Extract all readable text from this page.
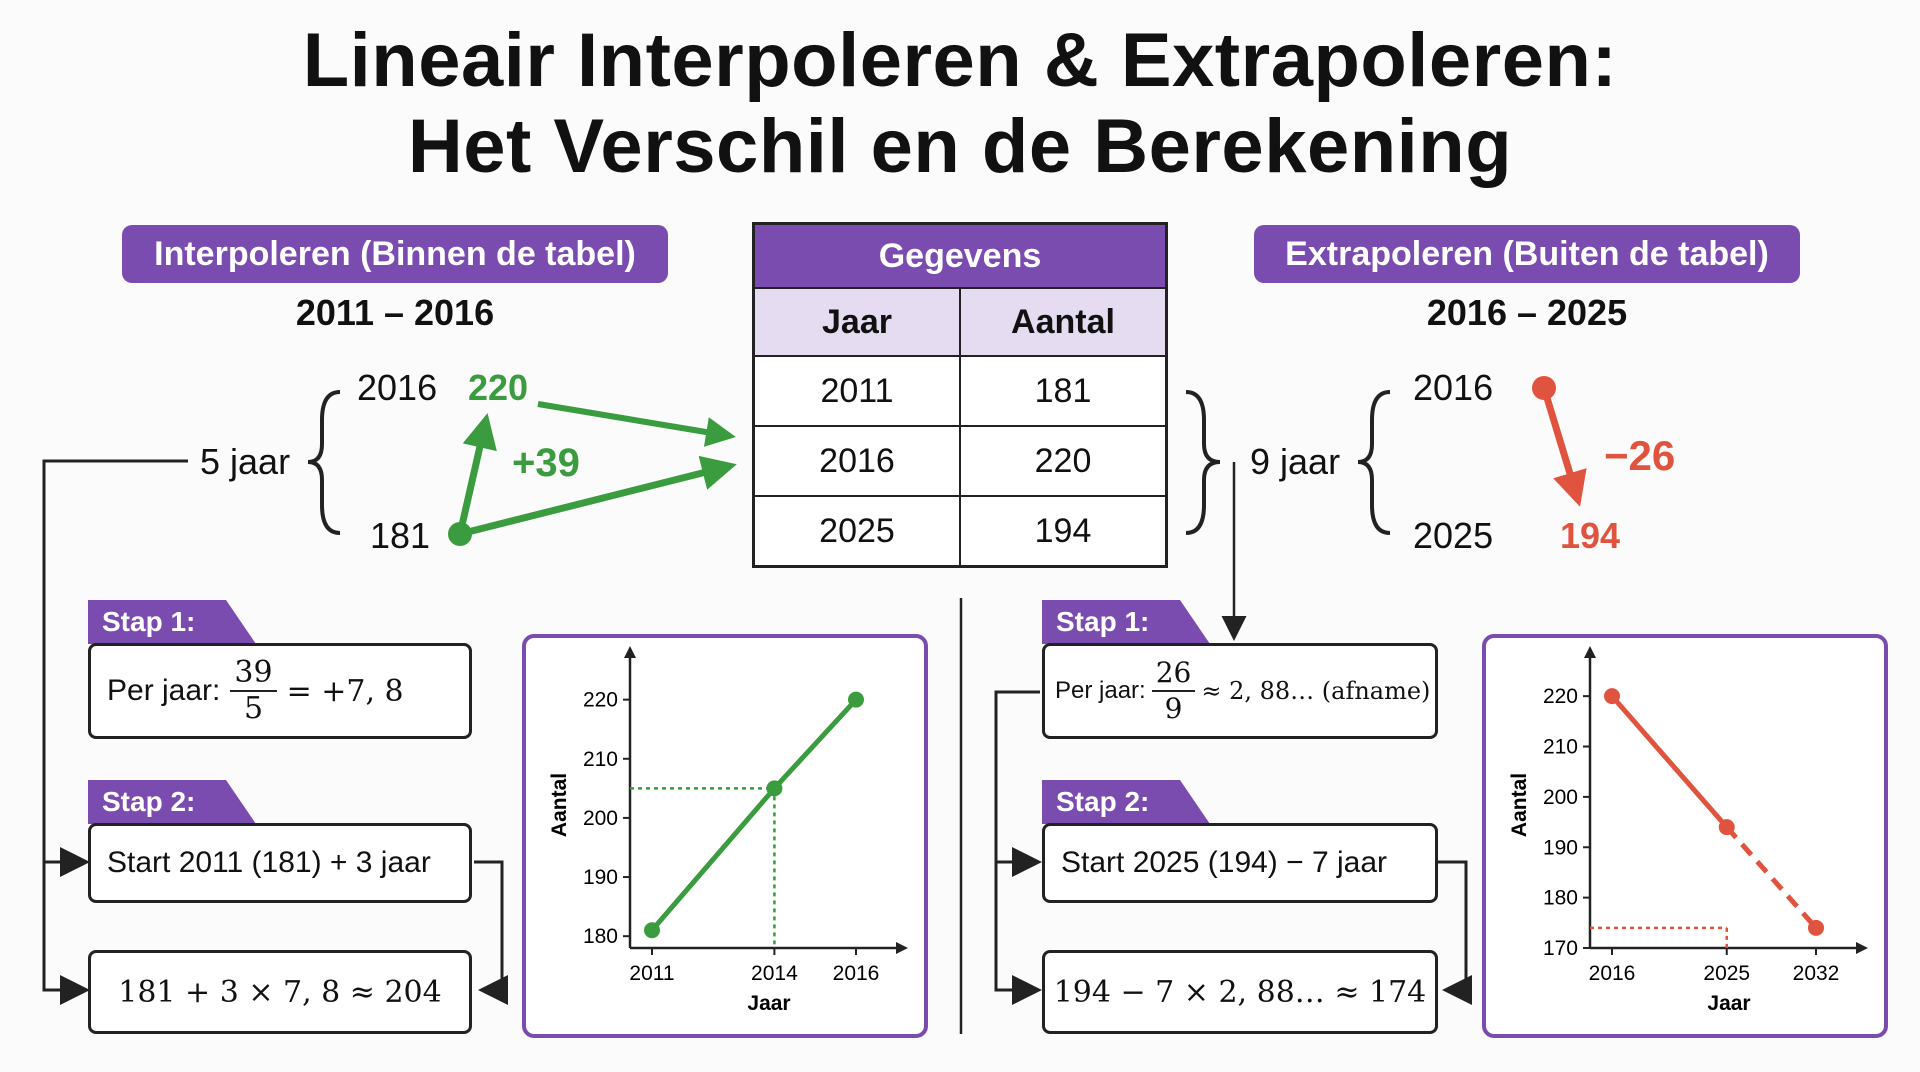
Lineair Interpoleren & Extrapoleren:
Het Verschil en de Berekening
Interpoleren (Binnen de tabel)
2011 – 2016
Extrapoleren (Buiten de tabel)
2016 – 2025
Gegevens	
Jaar	Aantal
2011	181
2016	220
2025	194
5 jaar
2016
181
220
+39	9 jaar
2016
2025
−26
194
Stap 1:
Per jaar: $\frac{39}{5} = +7$, 8
Stap 2:
Start 2011 (181) + 3 jaar
181 + 3 × 7, 8 ≈ 204
Stap 1:
Per jaar: $\frac{26}{9} \approx 2$, 88… (afname)
Stap 2:
Start 2025 (194) − 7 jaar
194 − 7 × 2, 88… ≈ 174
180
190
200
210
220
2011	2014 2016
Jaar
Aantal
170
180
190
200
210
220
2016	2025 2032
Jaar
Aantal
